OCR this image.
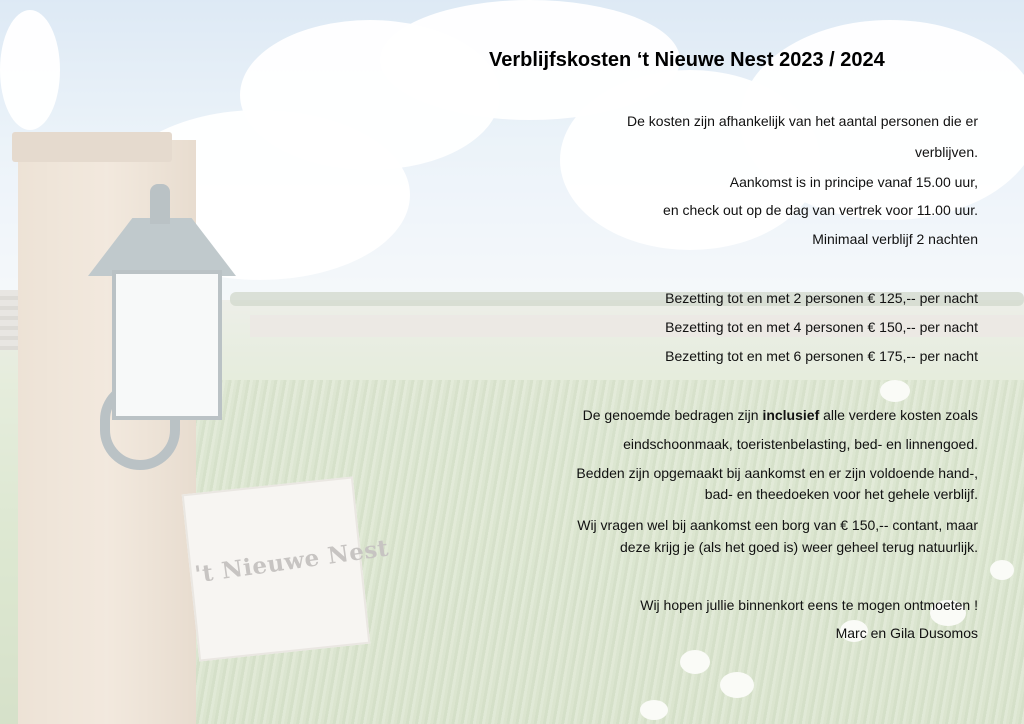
Verblijfskosten ‘t Nieuwe Nest 2023 / 2024
De kosten zijn afhankelijk van het aantal personen die er
verblijven.
Aankomst is in principe vanaf 15.00 uur,
en check out op de dag van vertrek voor 11.00 uur.
Minimaal verblijf 2 nachten
Bezetting tot en met 2 personen € 125,-- per nacht
Bezetting tot en met 4 personen € 150,-- per nacht
Bezetting tot en met 6 personen € 175,-- per nacht
De genoemde bedragen zijn inclusief alle verdere kosten zoals
eindschoonmaak, toeristenbelasting, bed- en linnengoed.
Bedden zijn opgemaakt bij aankomst en er zijn voldoende hand-,
bad- en theedoeken voor het gehele verblijf.
Wij vragen wel bij aankomst een borg van € 150,-- contant, maar
deze krijg je (als het goed is) weer geheel terug natuurlijk.
Wij hopen jullie binnenkort eens te mogen ontmoeten !
Marc en Gila Dusomos
